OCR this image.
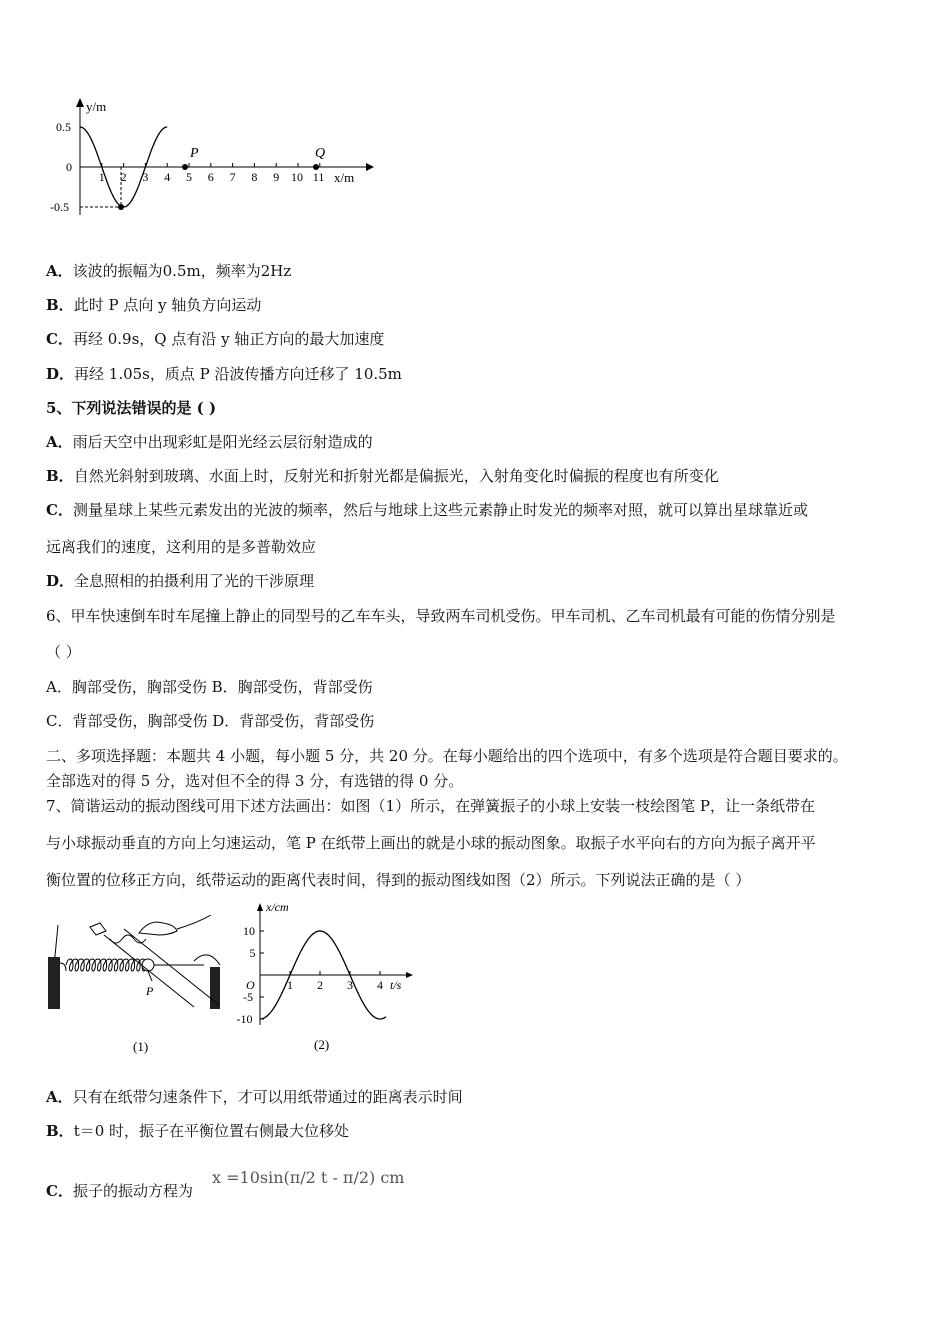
y/m
0.5
0
-0.5
1 2 3 4 5 6 7 8 9 10 11 x/m
P	Q
A．该波的振幅为0.5m，频率为2Hz
B．此时 P 点向 y 轴负方向运动
C．再经 0.9s，Q 点有沿 y 轴正方向的最大加速度
D．再经 1.05s，质点 P 沿波传播方向迁移了 10.5m
5、下列说法错误的是 ( )
A．雨后天空中出现彩虹是阳光经云层衍射造成的
B．自然光斜射到玻璃、水面上时，反射光和折射光都是偏振光，入射角变化时偏振的程度也有所变化
C．测量星球上某些元素发出的光波的频率，然后与地球上这些元素静止时发光的频率对照，就可以算出星球靠近或
远离我们的速度，这利用的是多普勒效应
D．全息照相的拍摄利用了光的干涉原理
6、甲车快速倒车时车尾撞上静止的同型号的乙车车头，导致两车司机受伤。甲车司机、乙车司机最有可能的伤情分别是
（ ）
A．胸部受伤，胸部受伤 B．胸部受伤，背部受伤
C．背部受伤，胸部受伤 D．背部受伤，背部受伤
二、多项选择题：本题共 4 小题，每小题 5 分，共 20 分。在每小题给出的四个选项中，有多个选项是符合题目要求的。
全部选对的得 5 分，选对但不全的得 3 分，有选错的得 0 分。
7、简谐运动的振动图线可用下述方法画出：如图（1）所示，在弹簧振子的小球上安装一枝绘图笔 P，让一条纸带在
与小球振动垂直的方向上匀速运动，笔 P 在纸带上画出的就是小球的振动图象。取振子水平向右的方向为振子离开平
衡位置的位移正方向，纸带运动的距离代表时间，得到的振动图线如图（2）所示。下列说法正确的是（ ）
P
(1)
x/cm
t/s
O
10
5
-5
-10
1 2 3 4
(2)
A．只有在纸带匀速条件下，才可以用纸带通过的距离表示时间
B．t＝0 时，振子在平衡位置右侧最大位移处
C．振子的振动方程为
x =10sin(π/2 t - π/2) cm
